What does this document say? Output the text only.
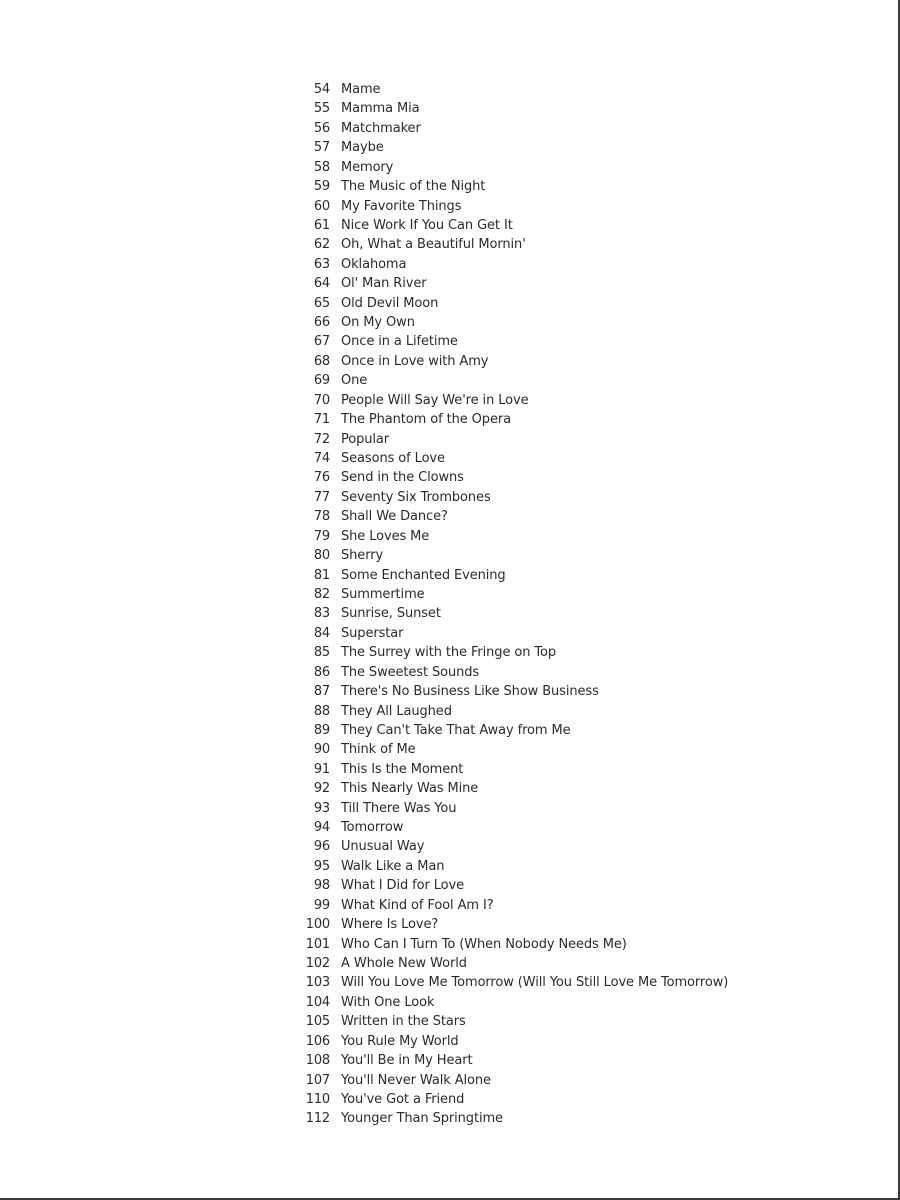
54 Mame
55 Mamma Mia
56 Matchmaker
57 Maybe
58 Memory
59 The Music of the Night
60 My Favorite Things
61 Nice Work If You Can Get It
62 Oh, What a Beautiful Mornin'
63 Oklahoma
64 Ol' Man River
65 Old Devil Moon
66 On My Own
67 Once in a Lifetime
68 Once in Love with Amy
69 One
70 People Will Say We're in Love
71 The Phantom of the Opera
72 Popular
74 Seasons of Love
76 Send in the Clowns
77 Seventy Six Trombones
78 Shall We Dance?
79 She Loves Me
80 Sherry
81 Some Enchanted Evening
82 Summertime
83 Sunrise, Sunset
84 Superstar
85 The Surrey with the Fringe on Top
86 The Sweetest Sounds
87 There's No Business Like Show Business
88 They All Laughed
89 They Can't Take That Away from Me
90 Think of Me
91 This Is the Moment
92 This Nearly Was Mine
93 Till There Was You
94 Tomorrow
96 Unusual Way
95 Walk Like a Man
98 What I Did for Love
99 What Kind of Fool Am I?
100 Where Is Love?
101 Who Can I Turn To (When Nobody Needs Me)
102 A Whole New World
103 Will You Love Me Tomorrow (Will You Still Love Me Tomorrow)
104 With One Look
105 Written in the Stars
106 You Rule My World
108 You'll Be in My Heart
107 You'll Never Walk Alone
110 You've Got a Friend
112 Younger Than Springtime
